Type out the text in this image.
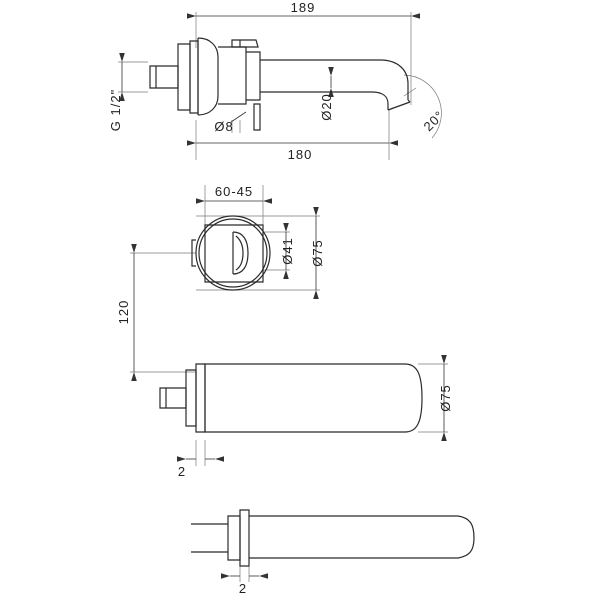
189
180
G 1/2"	Ø8
Ø20
20°
60-45
Ø41 Ø75
120
Ø75
2
2
